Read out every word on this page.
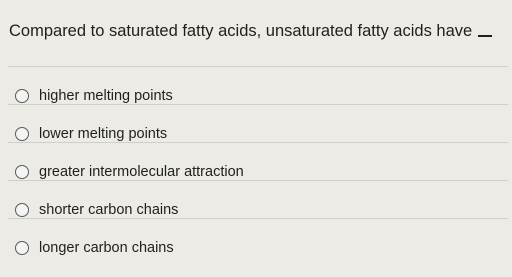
Compared to saturated fatty acids, unsaturated fatty acids have
higher melting points
lower melting points
greater intermolecular attraction
shorter carbon chains
longer carbon chains
